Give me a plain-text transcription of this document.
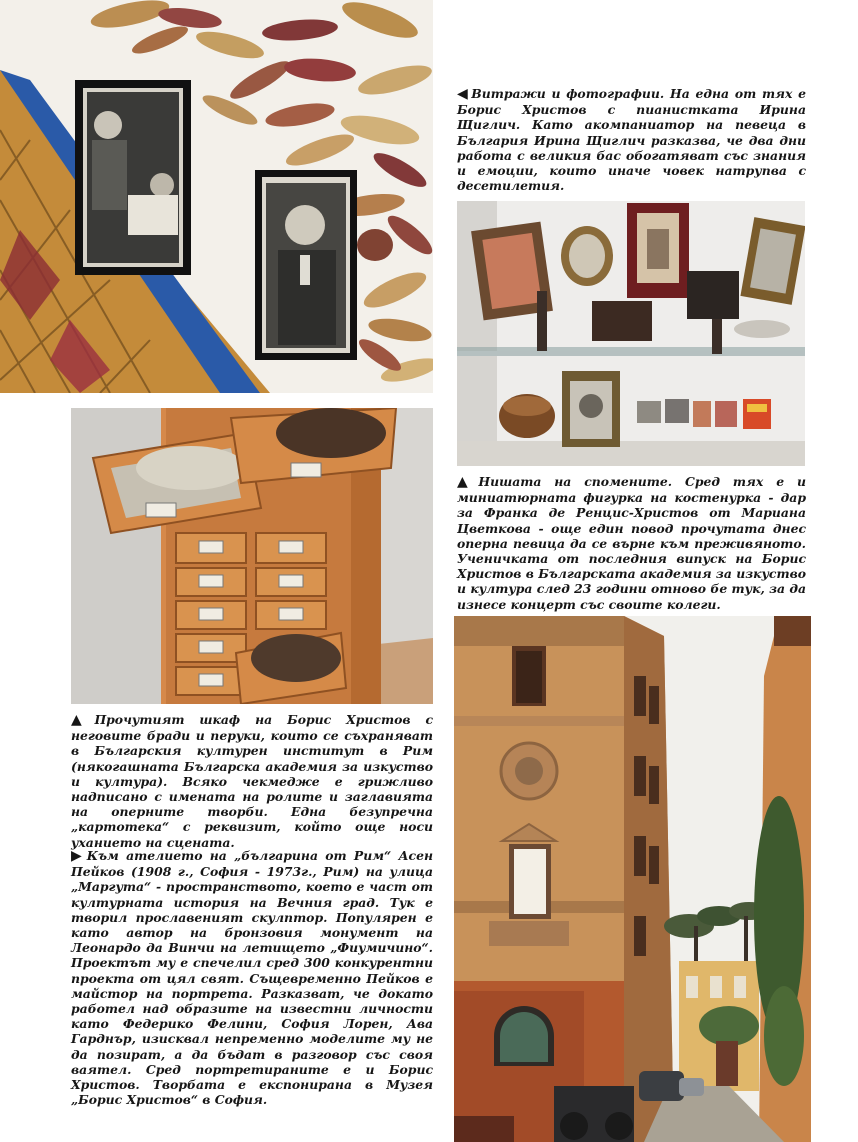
◀ Витражи и фотографии. На една от тях е Борис Христов с пианистката Ирина Щиглич. Като акомпаниатор на певеца в България Ирина Щиглич разказва, че два дни работа с великия бас обогатяват със знания и емоции, които иначе човек натрупва с десетилетия.
▲ Нишата на спомените. Сред тях е и миниатюрната фигурка на костенурка - дар за Франка де Ренцис-Христов от Мариана Цветкова - още един повод прочутата днес оперна певица да се върне към преживяното. Ученичката от последния випуск на Борис Христов в Българската академия за изкуство и култура след 23 години отново бе тук, за да изнесе концерт със своите колеги.
▲ Прочутият шкаф на Борис Христов с неговите бради и перуки, които се съхраняват в Българския културен институт в Рим (някогашната Българска академия за изкуство и култура). Всяко чекмедже е грижливо надписано с имената на ролите и заглавията на оперните творби. Една безупречна „картотека“ с реквизит, който още носи уханието на сцената.
▶ Към ателието на „българина от Рим“ Асен Пейков (1908 г., София - 1973г., Рим) на улица „Маргута“ - пространството, което е част от културната история на Вечния град. Тук е творил прославеният скулптор. Популярен е като автор на бронзовия монумент на Леонардо да Винчи на летището „Фиумичино“. Проектът му е спечелил сред 300 конкурентни проекта от цял свят. Същевременно Пейков е майстор на портрета. Разказват, че докато работел над образите на известни личности като Федерико Фелини, София Лорен, Ава Гарднър, изисквал непременно моделите му не да позират, а да бъдат в разговор със своя ваятел. Сред портретираните е и Борис Христов. Творбата е експонирана в Музея „Борис Христов“ в София.
